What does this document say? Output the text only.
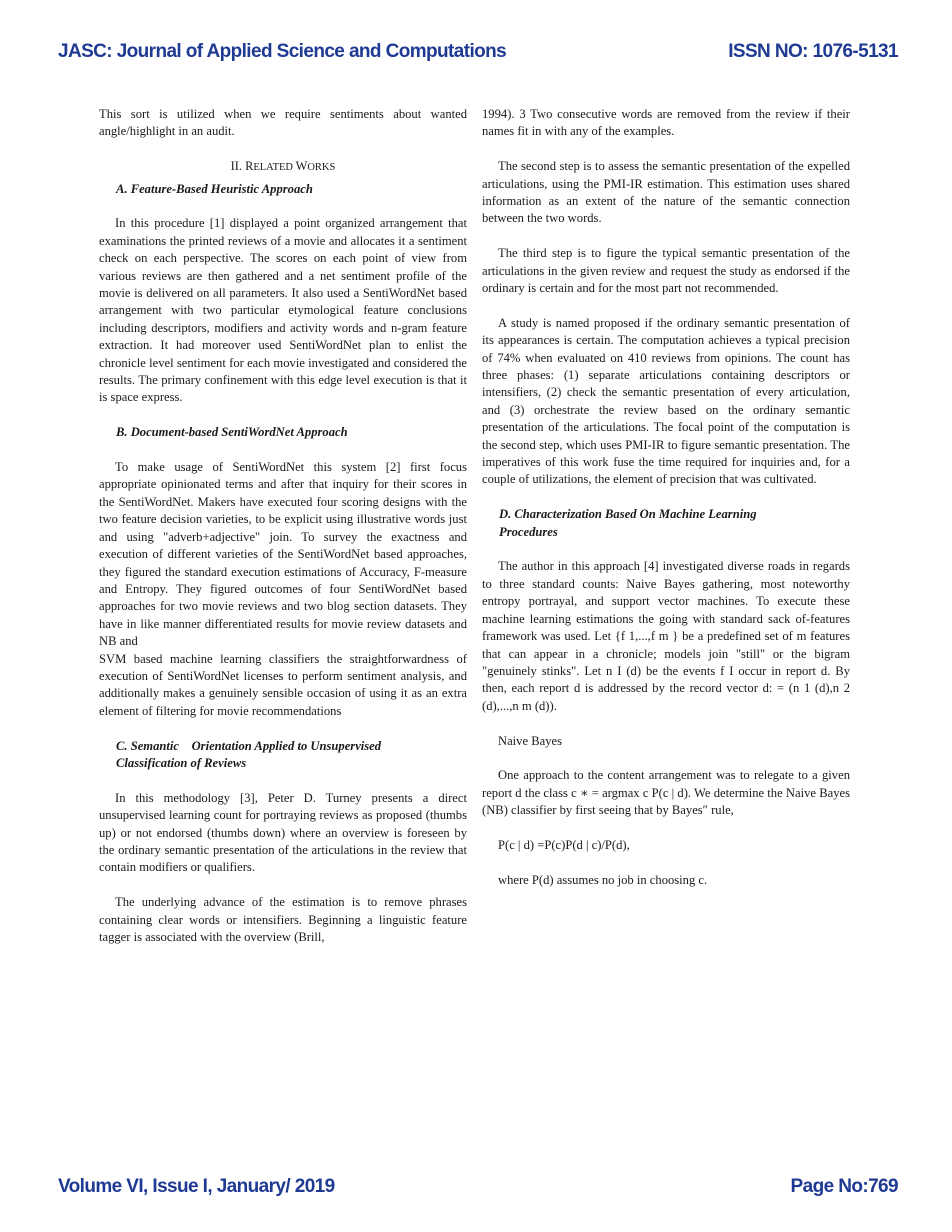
JASC: Journal of Applied Science and Computations	ISSN NO: 1076-5131

This sort is utilized when we require sentiments about wanted angle/highlight in an audit.

II. RELATED WORKS
A. Feature-Based Heuristic Approach

In this procedure [1] displayed a point organized arrangement that examinations the printed reviews of a movie and allocates it a sentiment check on each perspective. The scores on each point of view from various reviews are then gathered and a net sentiment profile of the movie is delivered on all parameters. It also used a SentiWordNet based arrangement with two particular etymological feature conclusions including descriptors, modifiers and activity words and n-gram feature extraction. It had moreover used SentiWordNet plan to enlist the chronicle level sentiment for each movie investigated and considered the results. The primary confinement with this edge level execution is that it is space express.

B. Document-based SentiWordNet Approach

To make usage of SentiWordNet this system [2] first focus appropriate opinionated terms and after that inquiry for their scores in the SentiWordNet. Makers have executed four scoring designs with the two feature decision varieties, to be explicit using illustrative words just and using "adverb+adjective" join. To survey the exactness and execution of different varieties of the SentiWordNet based approaches, they figured the standard execution estimations of Accuracy, F-measure and Entropy. They figured outcomes of four SentiWordNet based approaches for two movie reviews and two blog section datasets. They have in like manner differentiated results for movie review datasets and NB and

SVM based machine learning classifiers the straightforwardness of execution of SentiWordNet licenses to perform sentiment analysis, and additionally makes a genuinely sensible occasion of using it as an extra element of filtering for movie recommendations

C. Semantic    Orientation Applied to Unsupervised
Classification of Reviews

In this methodology [3], Peter D. Turney presents a direct unsupervised learning count for portraying reviews as proposed (thumbs up) or not endorsed (thumbs down) where an overview is foreseen by the ordinary semantic presentation of the articulations in the review that contain modifiers or qualifiers.

The underlying advance of the estimation is to remove phrases containing clear words or intensifiers. Beginning a linguistic feature tagger is associated with the overview (Brill,

1994). 3 Two consecutive words are removed from the review if their names fit in with any of the examples.

The second step is to assess the semantic presentation of the expelled articulations, using the PMI-IR estimation. This estimation uses shared information as an extent of the nature of the semantic connection between the two words.

The third step is to figure the typical semantic presentation of the articulations in the given review and request the study as endorsed if the ordinary is certain and for the most part not recommended.

A study is named proposed if the ordinary semantic presentation of its appearances is certain. The computation achieves a typical precision of 74% when evaluated on 410 reviews from opinions. The count has three phases: (1) separate articulations containing descriptors or intensifiers, (2) check the semantic presentation of every articulation, and (3) orchestrate the review based on the ordinary semantic presentation of the articulations. The focal point of the computation is the second step, which uses PMI-IR to figure semantic presentation. The imperatives of this work fuse the time required for inquiries and, for a couple of utilizations, the element of precision that was cultivated.

D. Characterization Based On Machine Learning
Procedures

The author in this approach [4] investigated diverse roads in regards to three standard counts: Naive Bayes gathering, most noteworthy entropy portrayal, and support vector machines. To execute these machine learning estimations the going with standard sack of-features framework was used. Let {f 1,...,f m } be a predefined set of m features that can appear in a chronicle; models join "still" or the bigram "genuinely stinks". Let n I (d) be the events f I occur in report d. By then, each report d is addressed by the record vector d: = (n 1 (d),n 2 (d),...,n m (d)).

Naive Bayes

One approach to the content arrangement was to relegate to a given report d the class c ∗ = argmax c P(c | d). We determine the Naive Bayes (NB) classifier by first seeing that by Bayes″ rule,

P(c | d) =P(c)P(d | c)/P(d),

where P(d) assumes no job in choosing c.

Volume VI, Issue I, January/ 2019	Page No:769
